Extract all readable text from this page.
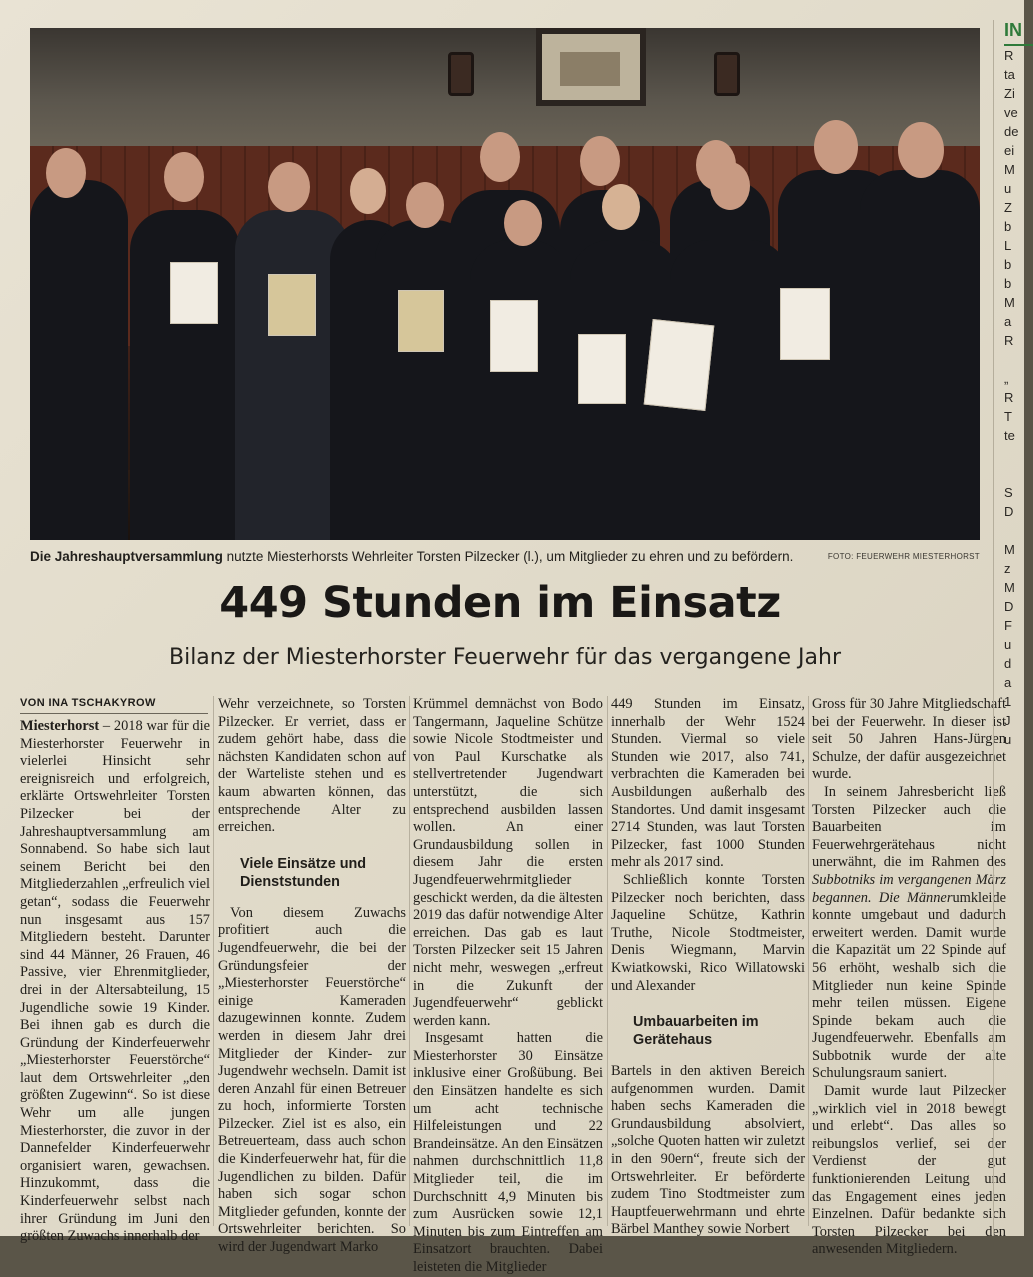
Die Jahreshauptversammlung nutzte Miesterhorsts Wehrleiter Torsten Pilzecker (l.), um Mitglieder zu ehren und zu befördern.	FOTO: FEUERWEHR MIESTERHORST
449 Stunden im Einsatz
Bilanz der Miesterhorster Feuerwehr für das vergangene Jahr
VON INA TSCHAKYROW

Miesterhorst – 2018 war für die Miesterhorster Feuerwehr in vielerlei Hinsicht sehr ereignisreich und erfolgreich, erklärte Ortswehrleiter Torsten Pilzecker bei der Jahreshauptversammlung am Sonnabend. So habe sich laut seinem Bericht bei den Mitgliederzahlen „erfreulich viel getan“, sodass die Feuerwehr nun insgesamt aus 157 Mitgliedern besteht. Darunter sind 44 Männer, 26 Frauen, 46 Passive, vier Ehrenmitglieder, drei in der Altersabteilung, 15 Jugendliche sowie 19 Kinder. Bei ihnen gab es durch die Gründung der Kinderfeuerwehr „Miesterhorster Feuerstörche“ laut dem Ortswehrleiter „den größten Zugewinn“. So ist diese Wehr um alle jungen Miesterhorster, die zuvor in der Dannefelder Kinderfeuerwehr organisiert waren, gewachsen. Hinzukommt, dass die Kinderfeuerwehr selbst nach ihrer Gründung im Juni den größten Zuwachs innerhalb der

Wehr verzeichnete, so Torsten Pilzecker. Er verriet, dass er zudem gehört habe, dass die nächsten Kandidaten schon auf der Warteliste stehen und es kaum abwarten können, das entsprechende Alter zu erreichen.

Viele Einsätze und Dienststunden

Von diesem Zuwachs profitiert auch die Jugendfeuerwehr, die bei der Gründungsfeier der „Miesterhorster Feuerstörche“ einige Kameraden dazugewinnen konnte. Zudem werden in diesem Jahr drei Mitglieder der Kinder- zur Jugendwehr wechseln. Damit ist deren Anzahl für einen Betreuer zu hoch, informierte Torsten Pilzecker. Ziel ist es also, ein Betreuerteam, dass auch schon die Kinderfeuerwehr hat, für die Jugendlichen zu bilden. Dafür haben sich sogar schon Mitglieder gefunden, konnte der Ortswehrleiter berichten. So wird der Jugendwart Marko

Krümmel demnächst von Bodo Tangermann, Jaqueline Schütze sowie Nicole Stodtmeister und von Paul Kurschatke als stellvertretender Jugendwart unterstützt, die sich entsprechend ausbilden lassen wollen. An einer Grundausbildung sollen in diesem Jahr die ersten Jugendfeuerwehrmitglieder geschickt werden, da die ältesten 2019 das dafür notwendige Alter erreichen. Das gab es laut Torsten Pilzecker seit 15 Jahren nicht mehr, weswegen „erfreut in die Zukunft der Jugendfeuerwehr“ geblickt werden kann.

Insgesamt hatten die Miesterhorster 30 Einsätze inklusive einer Großübung. Bei den Einsätzen handelte es sich um acht technische Hilfeleistungen und 22 Brandeinsätze. An den Einsätzen nahmen durchschnittlich 11,8 Mitglieder teil, die im Durchschnitt 4,9 Minuten bis zum Ausrücken sowie 12,1 Minuten bis zum Eintreffen am Einsatzort brauchten. Dabei leisteten die Mitglieder

449 Stunden im Einsatz, innerhalb der Wehr 1524 Stunden. Viermal so viele Stunden wie 2017, also 741, verbrachten die Kameraden bei Ausbildungen außerhalb des Standortes. Und damit insgesamt 2714 Stunden, was laut Torsten Pilzecker, fast 1000 Stunden mehr als 2017 sind.

Schließlich konnte Torsten Pilzecker noch berichten, dass Jaqueline Schütze, Kathrin Truthe, Nicole Stodtmeister, Denis Wiegmann, Marvin Kwiatkowski, Rico Willatowski und Alexander

Umbauarbeiten im Gerätehaus

Bartels in den aktiven Bereich aufgenommen wurden. Damit haben sechs Kameraden die Grundausbildung absolviert, „solche Quoten hatten wir zuletzt in den 90ern“, freute sich der Ortswehrleiter. Er beförderte zudem Tino Stodtmeister zum Hauptfeuerwehrmann und ehrte Bärbel Manthey sowie Norbert

Gross für 30 Jahre Mitgliedschaft bei der Feuerwehr. In dieser ist seit 50 Jahren Hans-Jürgen Schulze, der dafür ausgezeichnet wurde.

In seinem Jahresbericht ließ Torsten Pilzecker auch die Bauarbeiten im Feuerwehrgerätehaus nicht unerwähnt, die im Rahmen des Subbotniks im vergangenen März begannen. Die Männerumkleide konnte umgebaut und dadurch erweitert werden. Damit wurde die Kapazität um 22 Spinde auf 56 erhöht, weshalb sich die Mitglieder nun keine Spinde mehr teilen müssen. Eigene Spinde bekam auch die Jugendfeuerwehr. Ebenfalls am Subbotnik wurde der alte Schulungsraum saniert.

Damit wurde laut Pilzecker „wirklich viel in 2018 bewegt und erlebt“. Das alles so reibungslos verlief, sei der Verdienst der gut funktionierenden Leitung und das Engagement eines jeden Einzelnen. Dafür bedankte sich Torsten Pilzecker bei den anwesenden Mitgliedern.

IN
R
ta
Zi
ve
de
ei
M
u
Z
b
L
b
b
M
a
R

„
R
T
te

S
D

M
z
M
D
F
u
d
a
1
J
u
